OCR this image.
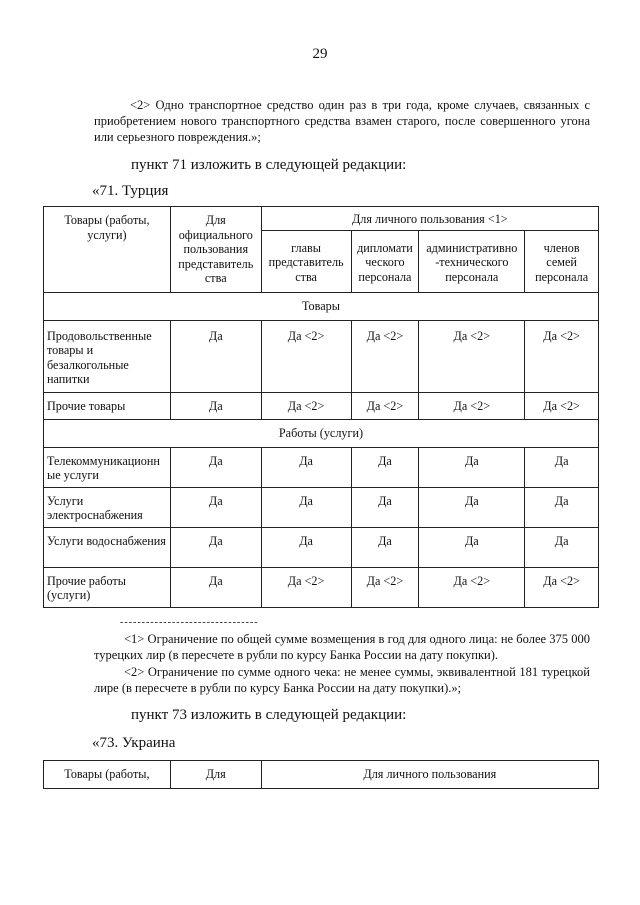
29
<2> Одно транспортное средство один раз в три года, кроме случаев, связанных с приобретением нового транспортного средства взамен старого, после совершенного угона или серьезного повреждения.»;
пункт 71 изложить в следующей редакции:
«71. Турция
Товары (работы, услуги)	Для официального пользования представитель ства	Для личного пользования <1>			
		главы представитель ства	дипломати ческого персонала	административно -технического персонала	членов семей персонала
Товары					
Продовольственные товары и безалкогольные напитки	Да	Да <2>	Да <2>	Да <2>	Да <2>
Прочие товары	Да	Да <2>	Да <2>	Да <2>	Да <2>
Работы (услуги)					
Телекоммуникационн ые услуги	Да	Да	Да	Да	Да
Услуги электроснабжения	Да	Да	Да	Да	Да
Услуги водоснабжения	Да	Да	Да	Да	Да
Прочие работы (услуги)	Да	Да <2>	Да <2>	Да <2>	Да <2>
--------------------------------
<1> Ограничение по общей сумме возмещения в год для одного лица: не более 375 000 турецких лир (в пересчете в рубли по курсу Банка России на дату покупки).
<2> Ограничение по сумме одного чека: не менее суммы, эквивалентной 181 турецкой лире (в пересчете в рубли по курсу Банка России на дату покупки).»;
пункт 73 изложить в следующей редакции:
«73. Украина
Товары (работы,	Для	Для личного пользования
